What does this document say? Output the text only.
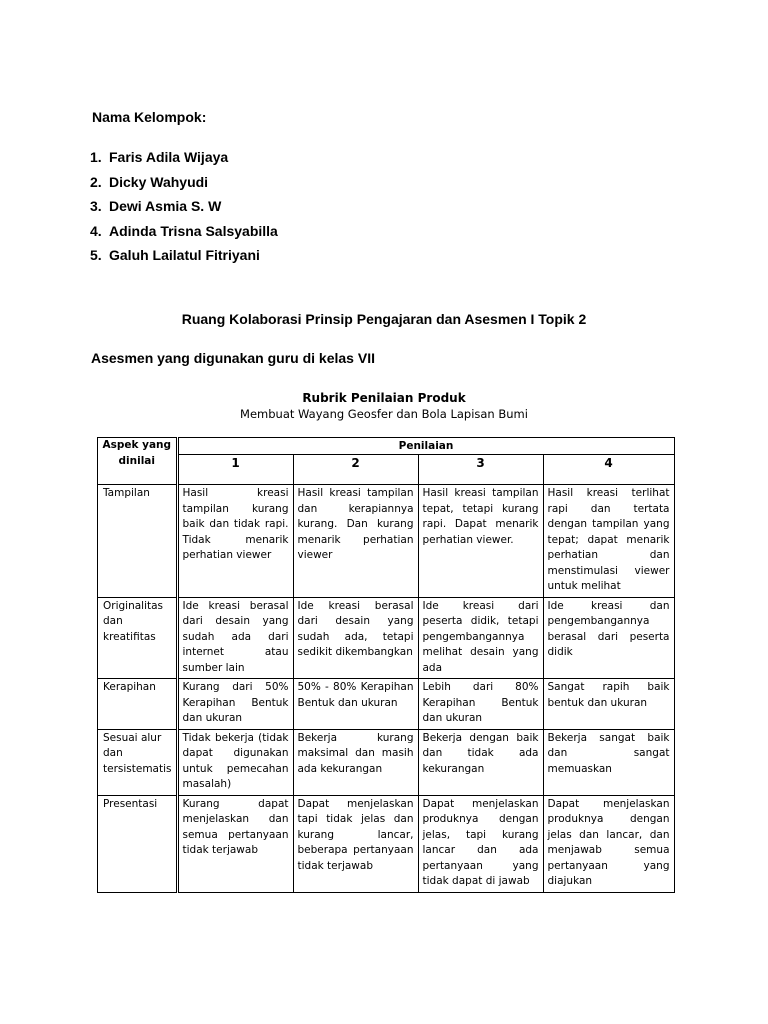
Nama Kelompok:
1. Faris Adila Wijaya
2. Dicky Wahyudi
3. Dewi Asmia S. W
4. Adinda Trisna Salsyabilla
5. Galuh Lailatul Fitriyani
Ruang Kolaborasi Prinsip Pengajaran dan Asesmen I Topik 2
Asesmen yang digunakan guru di kelas VII
Rubrik Penilaian Produk
Membuat Wayang Geosfer dan Bola Lapisan Bumi
Aspek yang dinilai	Penilaian			
	1	2	3	4
Tampilan	Hasil kreasi tampilan kurang baik dan tidak rapi. Tidak menarik perhatian viewer	Hasil kreasi tampilan dan kerapiannya kurang. Dan kurang menarik perhatian viewer	Hasil kreasi tampilan tepat, tetapi kurang rapi. Dapat menarik perhatian viewer.	Hasil kreasi terlihat rapi dan tertata dengan tampilan yang tepat; dapat menarik perhatian dan menstimulasi viewer untuk melihat
Originalitas dan kreatifitas	Ide kreasi berasal dari desain yang sudah ada dari internet atau sumber lain	Ide kreasi berasal dari desain yang sudah ada, tetapi sedikit dikembangkan	Ide kreasi dari peserta didik, tetapi pengembangannya melihat desain yang ada	Ide kreasi dan pengembangannya berasal dari peserta didik
Kerapihan	Kurang dari 50% Kerapihan Bentuk dan ukuran	50% - 80% Kerapihan Bentuk dan ukuran	Lebih dari 80% Kerapihan Bentuk dan ukuran	Sangat rapih baik bentuk dan ukuran
Sesuai alur dan tersistematis	Tidak bekerja (tidak dapat digunakan untuk pemecahan masalah)	Bekerja kurang maksimal dan masih ada kekurangan	Bekerja dengan baik dan tidak ada kekurangan	Bekerja sangat baik dan sangat memuaskan
Presentasi	Kurang dapat menjelaskan dan semua pertanyaan tidak terjawab	Dapat menjelaskan tapi tidak jelas dan kurang lancar, beberapa pertanyaan tidak terjawab	Dapat menjelaskan produknya dengan jelas, tapi kurang lancar dan ada pertanyaan yang tidak dapat di jawab	Dapat menjelaskan produknya dengan jelas dan lancar, dan menjawab semua pertanyaan yang diajukan
